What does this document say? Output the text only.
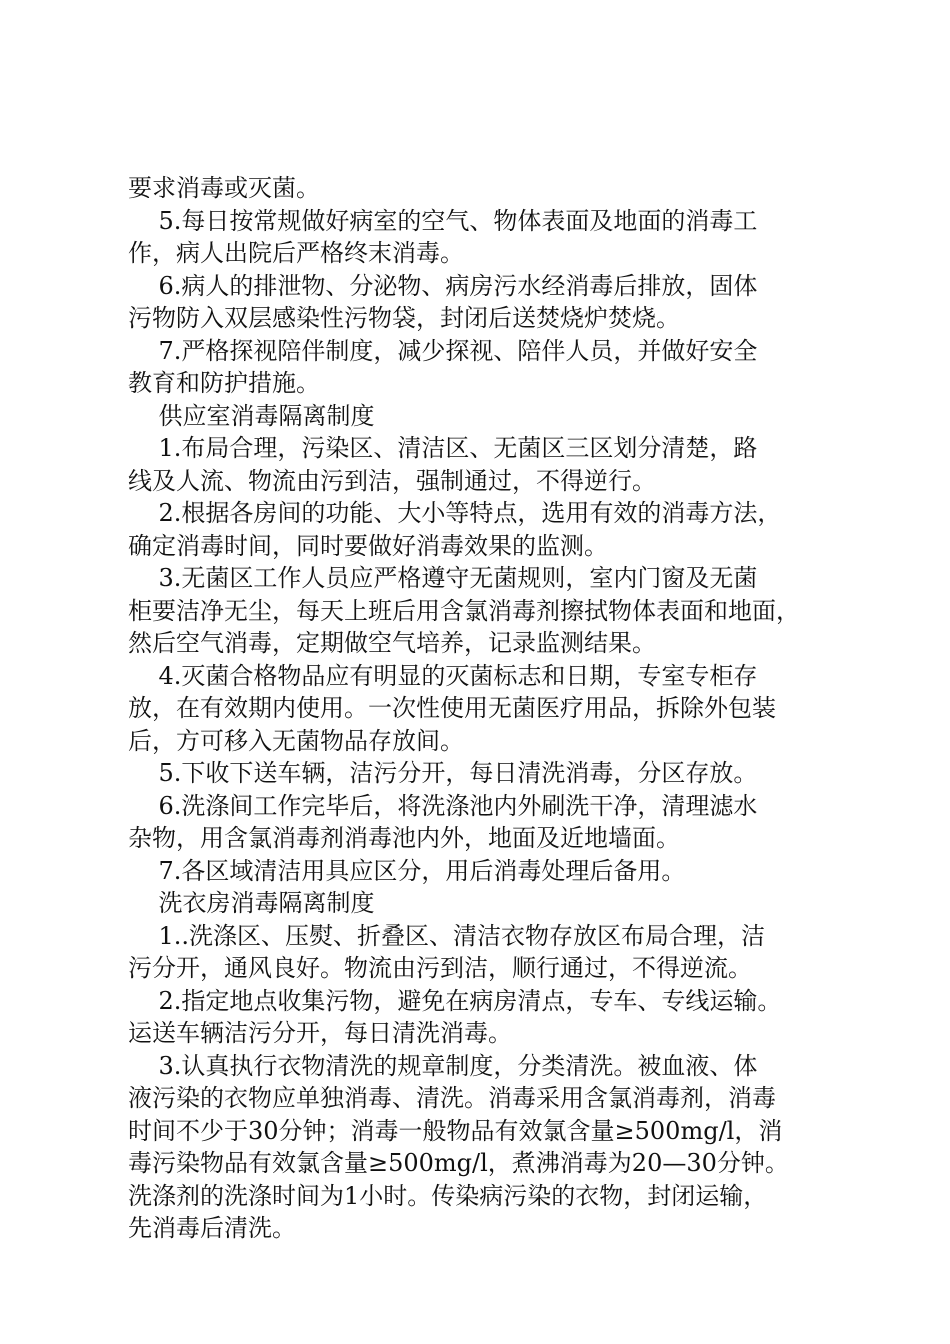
要求消毒或灭菌。
5.每日按常规做好病室的空气、物体表面及地面的消毒工
作，病人出院后严格终末消毒。
6.病人的排泄物、分泌物、病房污水经消毒后排放，固体
污物防入双层感染性污物袋，封闭后送焚烧炉焚烧。
7.严格探视陪伴制度，减少探视、陪伴人员，并做好安全
教育和防护措施。
供应室消毒隔离制度
1.布局合理，污染区、清洁区、无菌区三区划分清楚，路
线及人流、物流由污到洁，强制通过，不得逆行。
2.根据各房间的功能、大小等特点，选用有效的消毒方法，
确定消毒时间，同时要做好消毒效果的监测。
3.无菌区工作人员应严格遵守无菌规则，室内门窗及无菌
柜要洁净无尘，每天上班后用含氯消毒剂擦拭物体表面和地面，
然后空气消毒，定期做空气培养，记录监测结果。
4.灭菌合格物品应有明显的灭菌标志和日期，专室专柜存
放，在有效期内使用。一次性使用无菌医疗用品，拆除外包装
后，方可移入无菌物品存放间。
5.下收下送车辆，洁污分开，每日清洗消毒，分区存放。
6.洗涤间工作完毕后，将洗涤池内外刷洗干净，清理滤水
杂物，用含氯消毒剂消毒池内外，地面及近地墙面。
7.各区域清洁用具应区分，用后消毒处理后备用。
洗衣房消毒隔离制度
1..洗涤区、压熨、折叠区、清洁衣物存放区布局合理，洁
污分开，通风良好。物流由污到洁，顺行通过，不得逆流。
2.指定地点收集污物，避免在病房清点，专车、专线运输。
运送车辆洁污分开，每日清洗消毒。
3.认真执行衣物清洗的规章制度，分类清洗。被血液、体
液污染的衣物应单独消毒、清洗。消毒采用含氯消毒剂，消毒
时间不少于30分钟；消毒一般物品有效氯含量≥500mg/l，消
毒污染物品有效氯含量≥500mg/l，煮沸消毒为20—30分钟。
洗涤剂的洗涤时间为1小时。传染病污染的衣物，封闭运输，
先消毒后清洗。
